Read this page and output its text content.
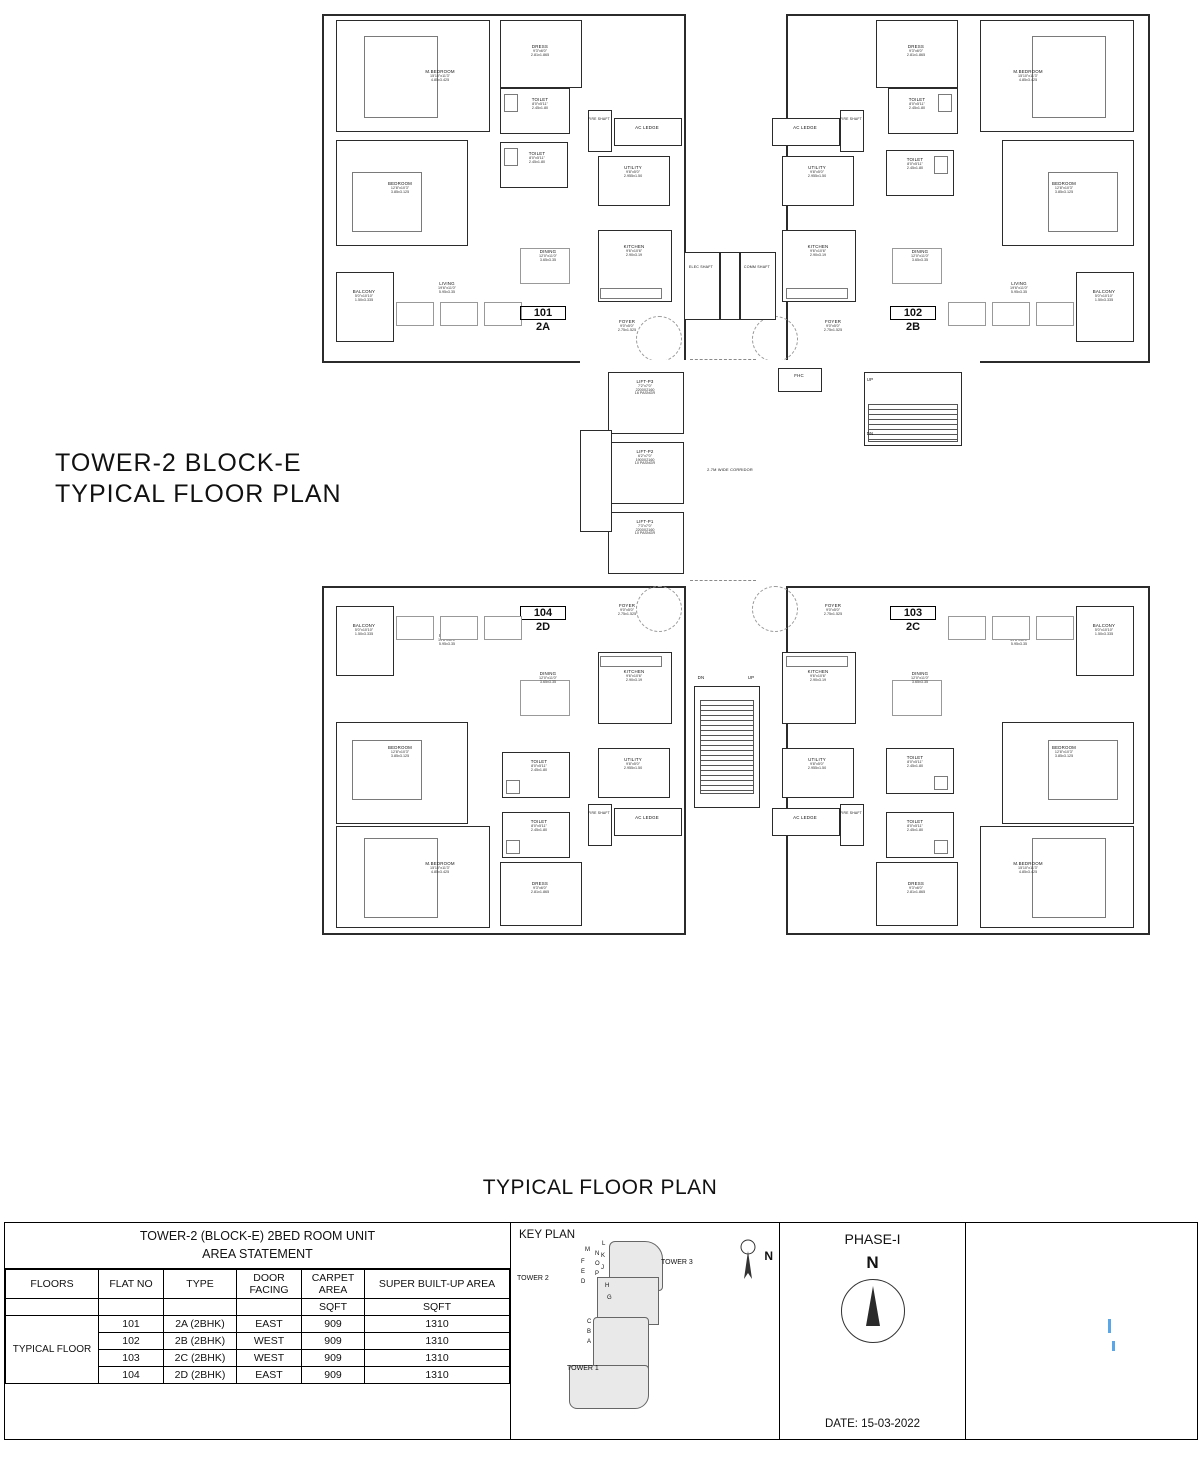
M.BEDROOM
15'10"x11'3"
4.85x3.425
DRESS
9'3"x6'0"
2.81x1.865
TOILET
8'0"x5'11"
2.45x1.80
BEDROOM
12'8"x10'3"
3.85x3.125
TOILET
8'0"x5'11"
2.45x1.80
LIVING
19'6"x11'0"
5.95x3.35
BALCONY
5'0"x10'10"
1.50x3.335
DINING
12'0"x11'0"
3.65x3.35
KITCHEN
9'6"x10'6"
2.90x3.19
UTILITY
9'8"x5'0"
2.955x1.50
AC LEDGE
FIRE SHAFT
FOYER
9'0"x5'0"
2.75x1.525
101
2A
M.BEDROOM
15'10"x11'3"
4.85x3.425
DRESS
9'3"x6'0"
2.81x1.865
TOILET
8'0"x5'11"
2.45x1.80
BEDROOM
12'8"x10'3"
3.85x3.125
TOILET
8'0"x5'11"
2.45x1.80
LIVING
19'6"x11'0"
5.95x3.35	BALCONY
5'0"x10'10"
1.50x3.335
DINING
12'0"x11'0"
3.65x3.35
KITCHEN
9'6"x10'6"
2.90x3.19
UTILITY
9'8"x5'0"
2.955x1.50
AC LEDGE
FIRE SHAFT
FOYER
9'0"x5'0"
2.75x1.525
102
2B
ELEC SHAFT	COMM SHAFT
LIFT-P3
7'2"x7'0"
2200X2160
16 PASNGR
LIFT-P2
6'2"x7'0"
1900X2160
10 PASNGR
LIFT-P1
7'3"x7'0"
2200X2160
10 PASNGR
2.7M WIDE CORRIDOR
UP
DN
FHC
DN	UP
FOYER
9'0"x5'0"
2.75x1.525
104
2D
BALCONY
5'0"x10'10"
1.50x3.335
5.95x3.35
DINING
12'0"x11'0"
3.65x3.35
KITCHEN
9'6"x10'6"
2.90x3.19
UTILITY
9'8"x5'0"
2.955x1.50
AC LEDGE
FIRE SHAFT
TOILET
8'0"x5'11"
2.45x1.80
TOILET
8'0"x5'11"
2.45x1.80
DRESS
9'3"x6'0"
2.81x1.865
BEDROOM
12'8"x10'3"
3.85x3.125
M.BEDROOM
15'10"x11'3"
4.85x3.425
FOYER
9'0"x5'0"
2.75x1.525	103
2C	BALCONY
5'0"x10'10"
1.50x3.335
5.95x3.35
DINING
12'0"x11'0"
3.65x3.35
KITCHEN
9'6"x10'6"
2.90x3.19
UTILITY
9'8"x5'0"
2.955x1.50
AC LEDGE
FIRE SHAFT
TOILET
8'0"x5'11"
2.45x1.80
TOILET
8'0"x5'11"
2.45x1.80
DRESS
9'3"x6'0"
2.81x1.865
BEDROOM
12'8"x10'3"
3.85x3.125
M.BEDROOM
15'10"x11'3"
4.85x3.425
TOWER-2 BLOCK-E
TYPICAL FLOOR PLAN
TYPICAL FLOOR PLAN
TOWER-2 (BLOCK-E) 2BED ROOM UNIT
AREA STATEMENT
FLOORS	FLAT NO	TYPE	DOOR FACING	CARPET AREA	SUPER BUILT-UP AREA
				SQFT	SQFT
TYPICAL FLOOR	101	2A (2BHK)	EAST	909	1310
	102	2B (2BHK)	WEST	909	1310
	103	2C (2BHK)	WEST	909	1310
	104	2D (2BHK)	EAST	909	1310
KEY PLAN
N
M
L
K
J
H
G
F
E
D
C
B
A
N
O
P
TOWER 3
TOWER 2
TOWER 1
PHASE-I
N
DATE: 15-03-2022
